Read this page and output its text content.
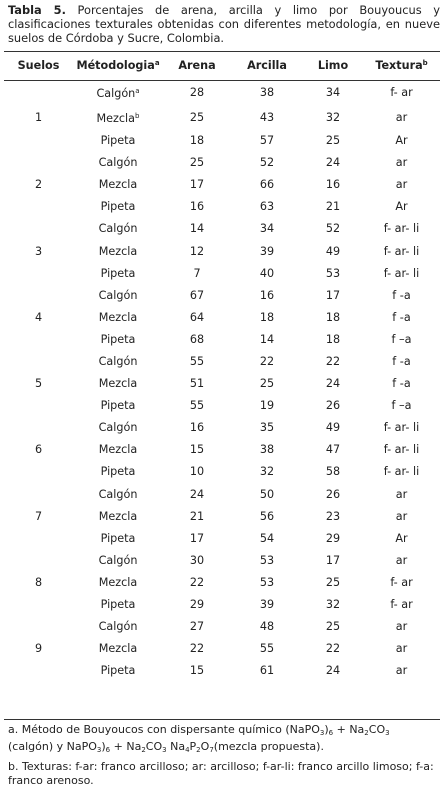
Tabla 5. Porcentajes de arena, arcilla y limo por Bouyoucus y clasificaciones texturales obtenidas con diferentes metodología, en nueve suelos de Córdoba y Sucre, Colombia.
Suelos	Métodologia$^a$	Arena	Arcilla	Limo	Textura$^b$
	Calgón$^a$	28	38	34	f- ar
1	Mezcla$^b$	25	43	32	ar
	Pipeta	18	57	25	Ar
	Calgón	25	52	24	ar
2	Mezcla	17	66	16	ar
	Pipeta	16	63	21	Ar
	Calgón	14	34	52	f- ar- li
3	Mezcla	12	39	49	f- ar- li
	Pipeta	7	40	53	f- ar- li
	Calgón	67	16	17	f -a
4	Mezcla	64	18	18	f -a
	Pipeta	68	14	18	f –a
	Calgón	55	22	22	f -a
5	Mezcla	51	25	24	f -a
	Pipeta	55	19	26	f –a
	Calgón	16	35	49	f- ar- li
6	Mezcla	15	38	47	f- ar- li
	Pipeta	10	32	58	f- ar- li
	Calgón	24	50	26	ar
7	Mezcla	21	56	23	ar
	Pipeta	17	54	29	Ar
	Calgón	30	53	17	ar
8	Mezcla	22	53	25	f- ar
	Pipeta	29	39	32	f- ar
	Calgón	27	48	25	ar
9	Mezcla	22	55	22	ar
	Pipeta	15	61	24	ar

a. Método de Bouyoucos con dispersante químico $(NaPO_3)_6 + Na_2CO_3$
(calgón) y $NaPO_3)_6 + Na_2CO_3$ $Na_4P_2O_7(mezcla$ propuesta).

b. Texturas: f-ar: franco arcilloso; ar: arcilloso; f-ar-li: franco arcillo limoso; f-a: franco arenoso.
